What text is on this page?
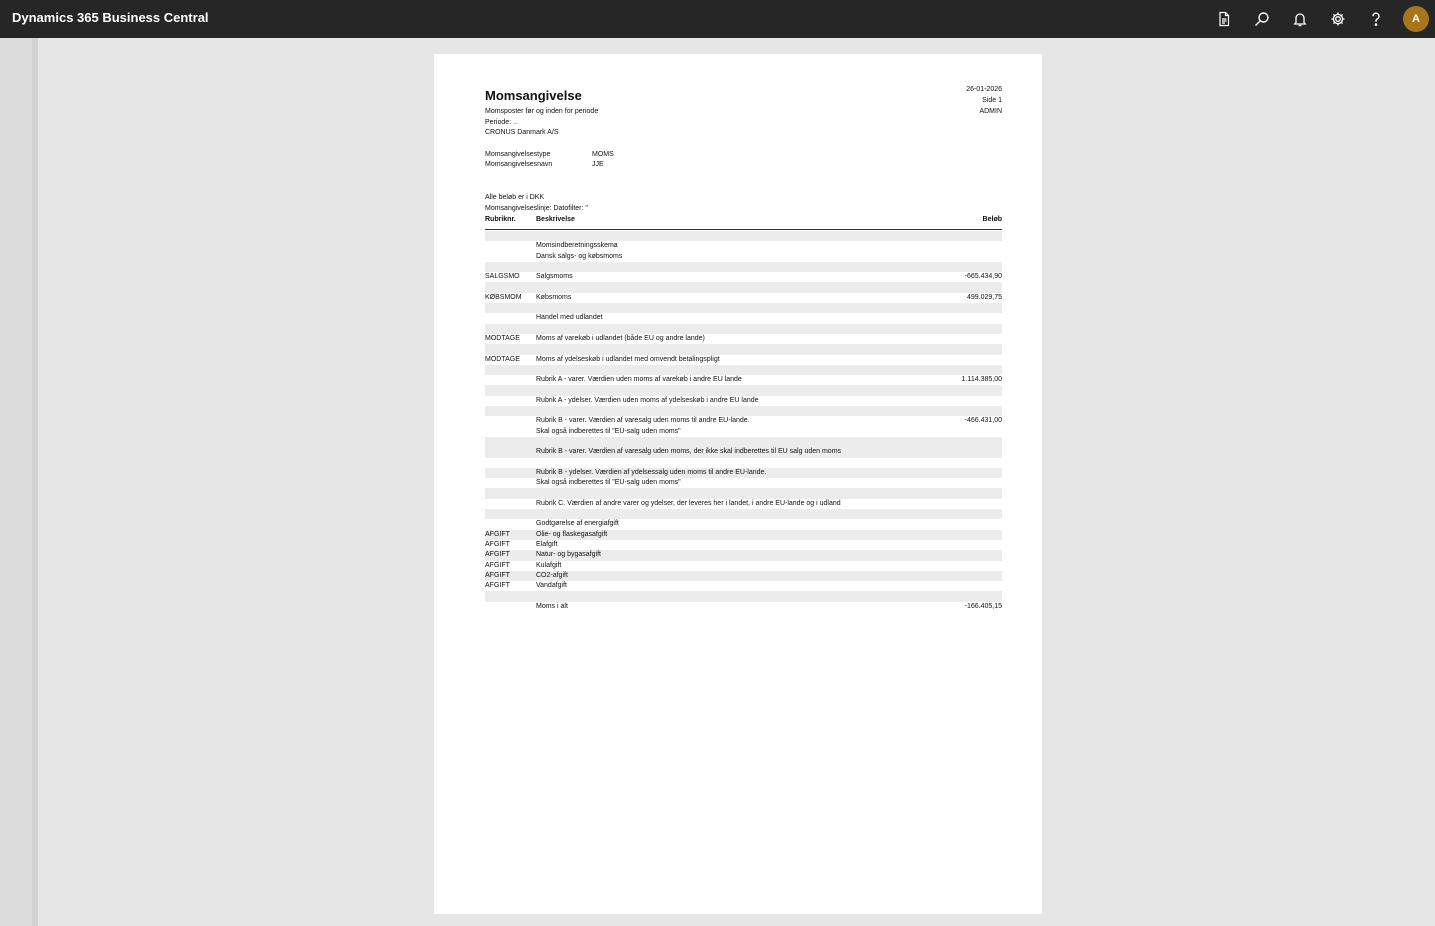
Dynamics 365 Business Central	A
Momsangivelse
Momsposter før og inden for periode
Periode: ..
CRONUS Danmark A/S
26-01-2026
Side 1
ADMIN
Momsangivelsestype	MOMS
Momsangivelsesnavn	JJE
Alle beløb er i DKK
Momsangivelseslinje: Datofilter: ''
Rubriknr.	Beskrivelse	Beløb
Momsindberetningsskema
Dansk salgs- og købsmoms
SALGSMO Salgsmoms	-665.434,90
KØBSMOM Købsmoms	499.029,75
Handel med udlandet
MODTAGE Moms af varekøb i udlandet (både EU og andre lande)
MODTAGE Moms af ydelseskøb i udlandet med omvendt betalingspligt
Rubrik A - varer. Værdien uden moms af varekøb i andre EU lande	1.114.385,00
Rubrik A - ydelser. Værdien uden moms af ydelseskøb i andre EU lande
Rubrik B - varer. Værdien af varesalg uden moms til andre EU-lande.	-466.431,00
Skal også indberettes til "EU-salg uden moms"
Rubrik B - varer. Værdien af varesalg uden moms, der ikke skal indberettes til EU salg uden moms
Rubrik B - ydelser. Værdien af ydelsessalg uden moms til andre EU-lande.
Skal også indberettes til "EU-salg uden moms"
Rubrik C. Værdien af andre varer og ydelser, der leveres her i landet, i andre EU-lande og i udland
Godtgørelse af energiafgift
AFGIFT	Olie- og flaskegasafgift
AFGIFT	Elafgift
AFGIFT	Natur- og bygasafgift
AFGIFT	Kulafgift
AFGIFT	CO2-afgift
AFGIFT	Vandafgift
Moms i alt	-166.405,15
